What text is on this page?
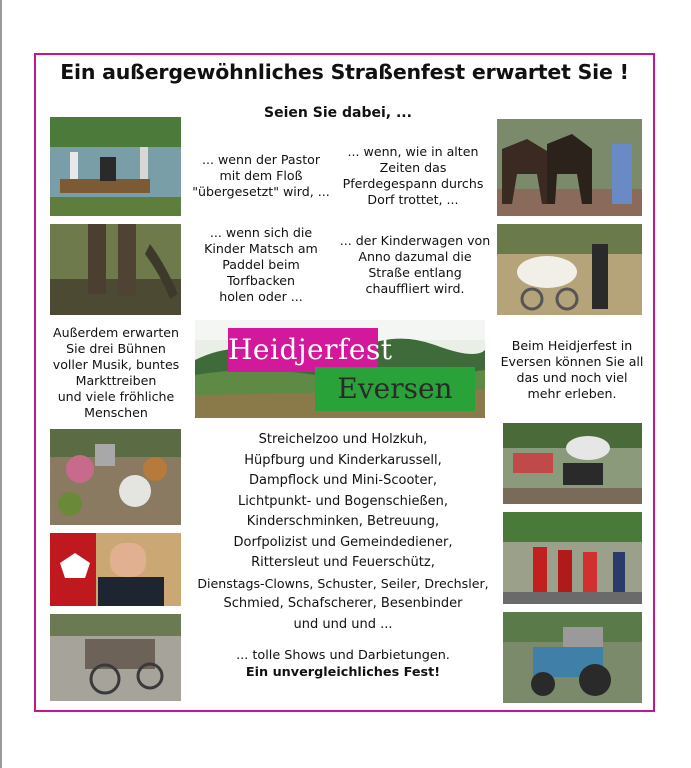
Ein außergewöhnliches Straßenfest erwartet Sie !
Seien Sie dabei, ...
... wenn der Pastor
mit dem Floß
"übergesetzt" wird, ...
... wenn, wie in alten
Zeiten das
Pferdegespann durchs
Dorf trottet, ...
... wenn sich die
Kinder Matsch am
Paddel beim
Torfbacken
holen oder ...
... der Kinderwagen von
Anno dazumal die
Straße entlang
chauffliert wird.
Außerdem erwarten
Sie drei Bühnen
voller Musik, buntes
Markttreiben
und viele fröhliche
Menschen
Beim Heidjerfest in
Eversen können Sie all
das und noch viel
mehr erleben.
Streichelzoo und Holzkuh,
Hüpfburg und Kinderkarussell,
Dampflock und Mini-Scooter,
Lichtpunkt- und Bogenschießen,
Kinderschminken, Betreuung,
Dorfpolizist und Gemeindediener,
Rittersleut und Feuerschütz,
Dienstags-Clowns, Schuster, Seiler, Drechsler,
Schmied, Schafscherer, Besenbinder
und und und ...
... tolle Shows und Darbietungen.
Ein unvergleichliches Fest!
Heidjerfest
Eversen
